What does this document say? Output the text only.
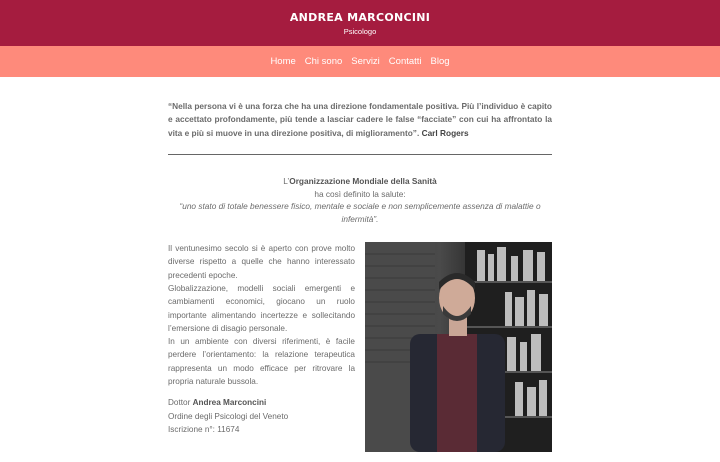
ANDREA MARCONCINI
Psicologo
Home Chi sono Servizi Contatti Blog
“Nella persona vi è una forza che ha una direzione fondamentale positiva. Più l’individuo è capito e accettato profondamente, più tende a lasciar cadere le false “facciate” con cui ha affrontato la vita e più si muove in una direzione positiva, di miglioramento”. Carl Rogers
L’Organizzazione Mondiale della Sanità
ha così definito la salute:
“uno stato di totale benessere fisico, mentale e sociale e non semplicemente assenza di malattie o infermità”.

Il ventunesimo secolo si è aperto con prove molto diverse rispetto a quelle che hanno interessato precedenti epoche.

Globalizzazione, modelli sociali emergenti e cambiamenti economici, giocano un ruolo importante alimentando incertezze e sollecitando l’emersione di disagio personale.

In un ambiente con diversi riferimenti, è facile perdere l’orientamento: la relazione terapeutica rappresenta un modo efficace per ritrovare la propria naturale bussola.

Dottor Andrea Marconcini
Ordine degli Psicologi del Veneto
Iscrizione n°: 11674
